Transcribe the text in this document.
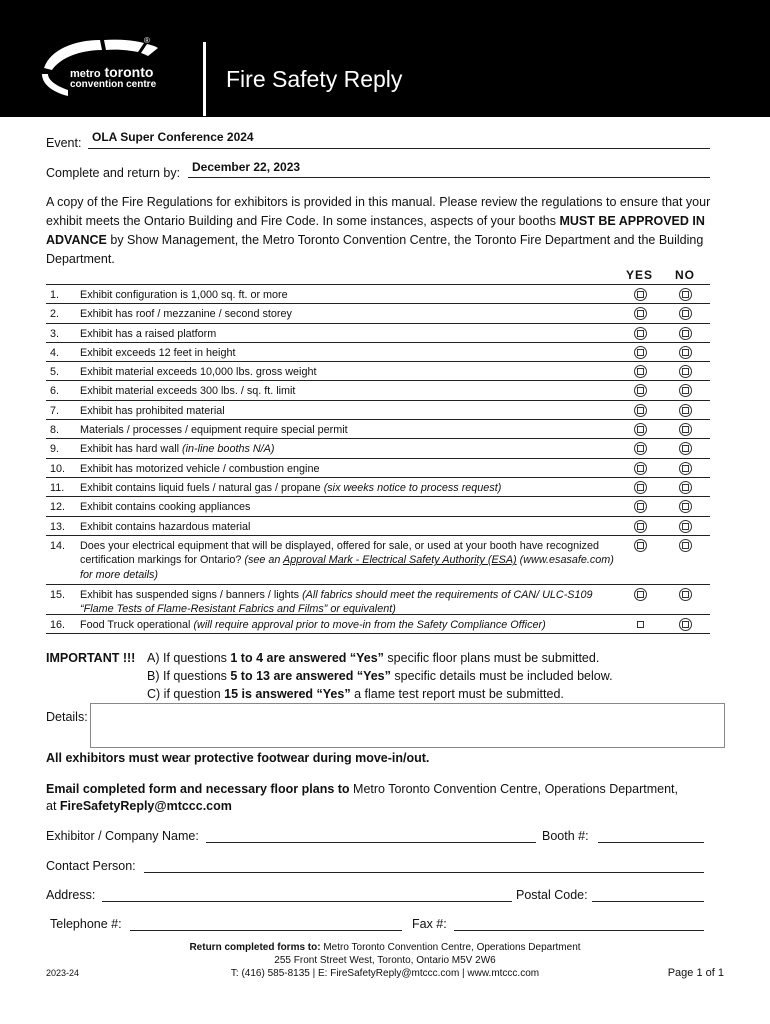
metro toronto
convention centre
®
Fire Safety Reply
Event: OLA Super Conference 2024
Complete and return by: December 22, 2023
A copy of the Fire Regulations for exhibitors is provided in this manual. Please review the regulations to ensure that your exhibit meets the Ontario Building and Fire Code. In some instances, aspects of your booths MUST BE APPROVED IN ADVANCE by Show Management, the Metro Toronto Convention Centre, the Toronto Fire Department and the Building Department.
YES NO
1.	Exhibit configuration is 1,000 sq. ft. or more
2.	Exhibit has roof / mezzanine / second storey
3.	Exhibit has a raised platform
4.	Exhibit exceeds 12 feet in height
5.	Exhibit material exceeds 10,000 lbs. gross weight
6.	Exhibit material exceeds 300 lbs. / sq. ft. limit
7.	Exhibit has prohibited material
8.	Materials / processes / equipment require special permit
9.	Exhibit has hard wall (in-line booths N/A)
10.	Exhibit has motorized vehicle / combustion engine
11.	Exhibit contains liquid fuels / natural gas / propane (six weeks notice to process request)
12.	Exhibit contains cooking appliances
13.	Exhibit contains hazardous material
14.	Does your electrical equipment that will be displayed, offered for sale, or used at your booth have recognized certification markings for Ontario? (see an Approval Mark - Electrical Safety Authority (ESA) (www.esasafe.com) for more details)
15.	Exhibit has suspended signs / banners / lights (All fabrics should meet the requirements of CAN/ ULC-S109 “Flame Tests of Flame-Resistant Fabrics and Films” or equivalent)
16.	Food Truck operational (will require approval prior to move-in from the Safety Compliance Officer)
IMPORTANT !!! A) If questions 1 to 4 are answered “Yes” specific floor plans must be submitted.
B) If questions 5 to 13 are answered “Yes” specific details must be included below.
C) if question 15 is answered “Yes” a flame test report must be submitted.
Details:
All exhibitors must wear protective footwear during move-in/out.
Email completed form and necessary floor plans to Metro Toronto Convention Centre, Operations Department,
at FireSafetyReply@mtccc.com
Exhibitor / Company Name:	Booth #:
Contact Person:
Address:	Postal Code:
Telephone #:	Fax #:
Return completed forms to: Metro Toronto Convention Centre, Operations Department
255 Front Street West, Toronto, Ontario M5V 2W6
T: (416) 585-8135 | E: FireSafetyReply@mtccc.com | www.mtccc.com
2023-24	Page 1 of 1
